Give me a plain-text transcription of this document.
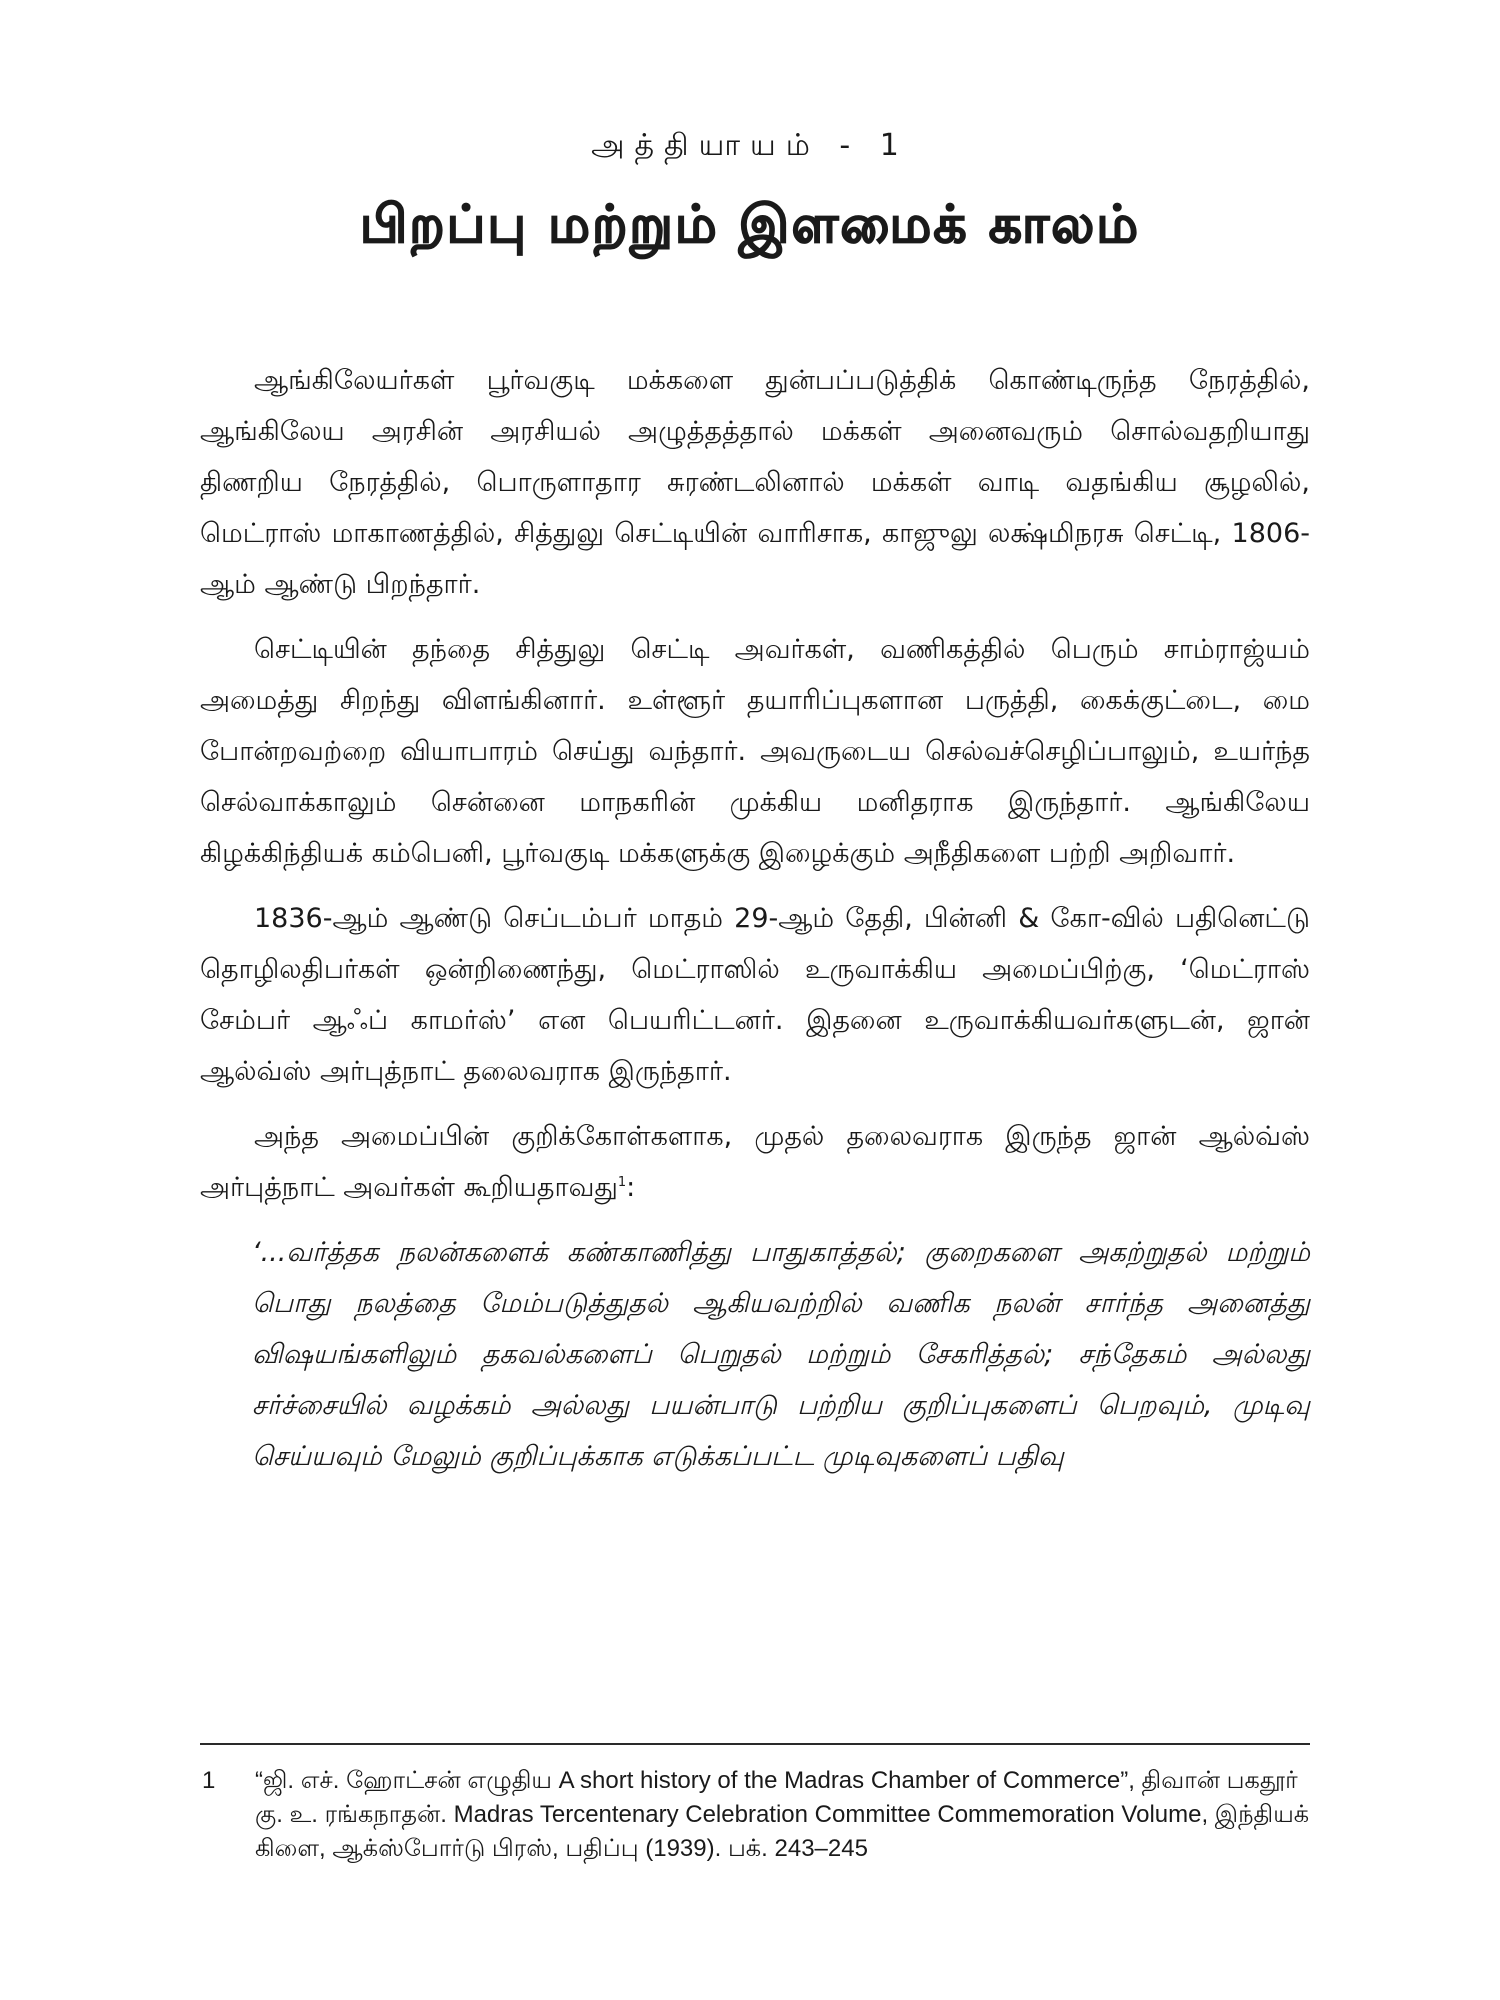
அத்தியாயம் - 1
பிறப்பு மற்றும் இளமைக் காலம்

ஆங்கிலேயர்கள் பூர்வகுடி மக்களை துன்பப்படுத்திக் கொண்டிருந்த நேரத்தில், ஆங்கிலேய அரசின் அரசியல் அழுத்தத்தால் மக்கள் அனைவரும் சொல்வதறியாது திணறிய நேரத்தில், பொருளாதார சுரண்டலினால் மக்கள் வாடி வதங்கிய சூழலில், மெட்ராஸ் மாகாணத்தில், சித்துலு செட்டியின் வாரிசாக, காஜுலு லக்ஷ்மிநரசு செட்டி, 1806-ஆம் ஆண்டு பிறந்தார்.

செட்டியின் தந்தை சித்துலு செட்டி அவர்கள், வணிகத்தில் பெரும் சாம்ராஜ்யம் அமைத்து சிறந்து விளங்கினார். உள்ளூர் தயாரிப்புகளான பருத்தி, கைக்குட்டை, மை போன்றவற்றை வியாபாரம் செய்து வந்தார். அவருடைய செல்வச்செழிப்பாலும், உயர்ந்த செல்வாக்காலும் சென்னை மாநகரின் முக்கிய மனிதராக இருந்தார். ஆங்கிலேய கிழக்கிந்தியக் கம்பெனி, பூர்வகுடி மக்களுக்கு இழைக்கும் அநீதிகளை பற்றி அறிவார்.

1836-ஆம் ஆண்டு செப்டம்பர் மாதம் 29-ஆம் தேதி, பின்னி & கோ-வில் பதினெட்டு தொழிலதிபர்கள் ஒன்றிணைந்து, மெட்ராஸில் உருவாக்கிய அமைப்பிற்கு, ‘மெட்ராஸ் சேம்பர் ஆஃப் காமர்ஸ்’ என பெயரிட்டனர். இதனை உருவாக்கியவர்களுடன், ஜான் ஆல்வ்ஸ் அர்புத்நாட் தலைவராக இருந்தார்.

அந்த அமைப்பின் குறிக்கோள்களாக, முதல் தலைவராக இருந்த ஜான் ஆல்வ்ஸ் அர்புத்நாட் அவர்கள் கூறியதாவது$^1$:

‘...வர்த்தக நலன்களைக் கண்காணித்து பாதுகாத்தல்; குறைகளை அகற்றுதல் மற்றும் பொது நலத்தை மேம்படுத்துதல் ஆகியவற்றில் வணிக நலன் சார்ந்த அனைத்து விஷயங்களிலும் தகவல்களைப் பெறுதல் மற்றும் சேகரித்தல்; சந்தேகம் அல்லது சர்ச்சையில் வழக்கம் அல்லது பயன்பாடு பற்றிய குறிப்புகளைப் பெறவும், முடிவு செய்யவும் மேலும் குறிப்புக்காக எடுக்கப்பட்ட முடிவுகளைப் பதிவு

1 “ஜி. எச். ஹோட்சன் எழுதிய A short history of the Madras Chamber of Commerce”, திவான் பகதூர் கு. உ. ரங்கநாதன். Madras Tercentenary Celebration Committee Commemoration Volume, இந்தியக் கிளை, ஆக்ஸ்போர்டு பிரஸ், பதிப்பு (1939). பக். 243–245
